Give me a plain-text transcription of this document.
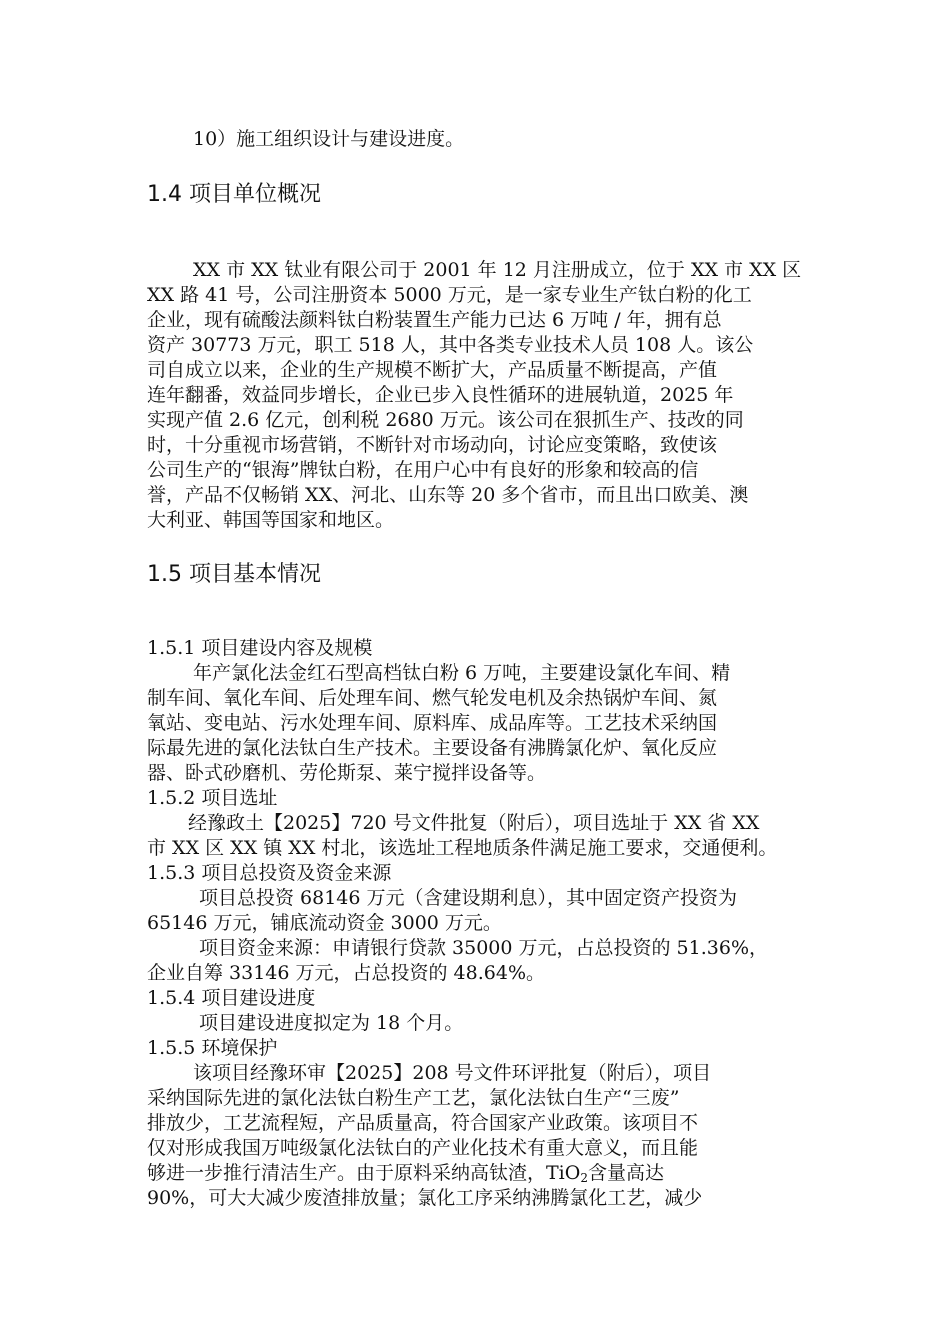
10）施工组织设计与建设进度。
1.4 项目单位概况
XX 市 XX 钛业有限公司于 2001 年 12 月注册成立，位于 XX 市 XX 区
XX 路 41 号，公司注册资本 5000 万元，是一家专业生产钛白粉的化工
企业，现有硫酸法颜料钛白粉装置生产能力已达 6 万吨 / 年，拥有总
资产 30773 万元，职工 518 人，其中各类专业技术人员 108 人。该公
司自成立以来，企业的生产规模不断扩大，产品质量不断提高，产值
连年翻番，效益同步增长，企业已步入良性循环的进展轨道，2025 年
实现产值 2.6 亿元，创利税 2680 万元。该公司在狠抓生产、技改的同
时，十分重视市场营销，不断针对市场动向，讨论应变策略，致使该
公司生产的“银海”牌钛白粉，在用户心中有良好的形象和较高的信
誉，产品不仅畅销 XX、河北、山东等 20 多个省市，而且出口欧美、澳
大利亚、韩国等国家和地区。
1.5 项目基本情况
1.5.1 项目建设内容及规模
年产氯化法金红石型高档钛白粉 6 万吨，主要建设氯化车间、精
制车间、氧化车间、后处理车间、燃气轮发电机及余热锅炉车间、氮
氧站、变电站、污水处理车间、原料库、成品库等。工艺技术采纳国
际最先进的氯化法钛白生产技术。主要设备有沸腾氯化炉、氧化反应
器、卧式砂磨机、劳伦斯泵、莱宁搅拌设备等。
1.5.2 项目选址
经豫政土【2025】720 号文件批复（附后），项目选址于 XX 省 XX
市 XX 区 XX 镇 XX 村北，该选址工程地质条件满足施工要求，交通便利。
1.5.3 项目总投资及资金来源
项目总投资 68146 万元（含建设期利息），其中固定资产投资为
65146 万元，铺底流动资金 3000 万元。
项目资金来源：申请银行贷款 35000 万元，占总投资的 51.36%，
企业自筹 33146 万元，占总投资的 48.64%。
1.5.4 项目建设进度
项目建设进度拟定为 18 个月。
1.5.5 环境保护
该项目经豫环审【2025】208 号文件环评批复（附后），项目
采纳国际先进的氯化法钛白粉生产工艺，氯化法钛白生产“三废”
排放少，工艺流程短，产品质量高，符合国家产业政策。该项目不
仅对形成我国万吨级氯化法钛白的产业化技术有重大意义，而且能
够进一步推行清洁生产。由于原料采纳高钛渣，TiO$_2$含量高达
90%，可大大减少废渣排放量；氯化工序采纳沸腾氯化工艺，减少
